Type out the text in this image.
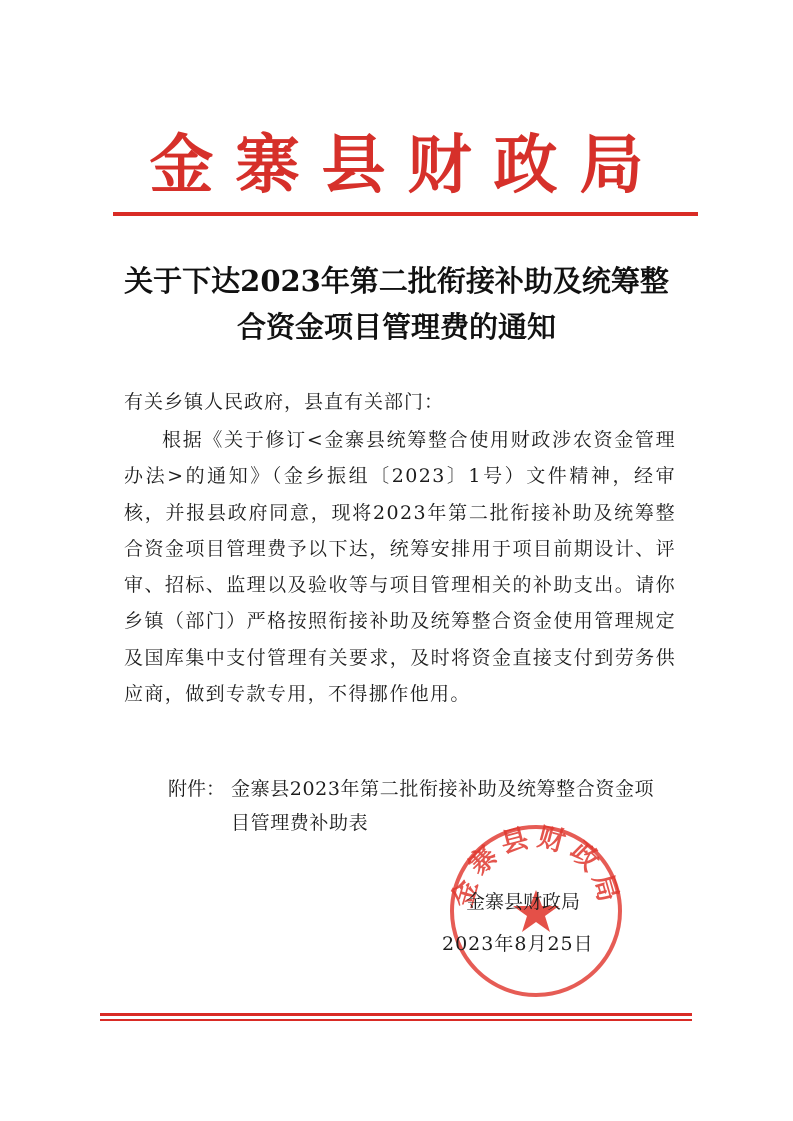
金寨县财政局
关于下达2023年第二批衔接补助及统筹整
合资金项目管理费的通知
有关乡镇人民政府，县直有关部门：
根据《关于修订<金寨县统筹整合使用财政涉农资金管理办法>的通知》（金乡振组〔2023〕1号）文件精神，经审核，并报县政府同意，现将2023年第二批衔接补助及统筹整合资金项目管理费予以下达，统筹安排用于项目前期设计、评审、招标、监理以及验收等与项目管理相关的补助支出。请你乡镇（部门）严格按照衔接补助及统筹整合资金使用管理规定及国库集中支付管理有关要求，及时将资金直接支付到劳务供应商，做到专款专用，不得挪作他用。
附件： 金寨县2023年第二批衔接补助及统筹整合资金项目管理费补助表
金寨县财政局
金寨县财政局
2023年8月25日
